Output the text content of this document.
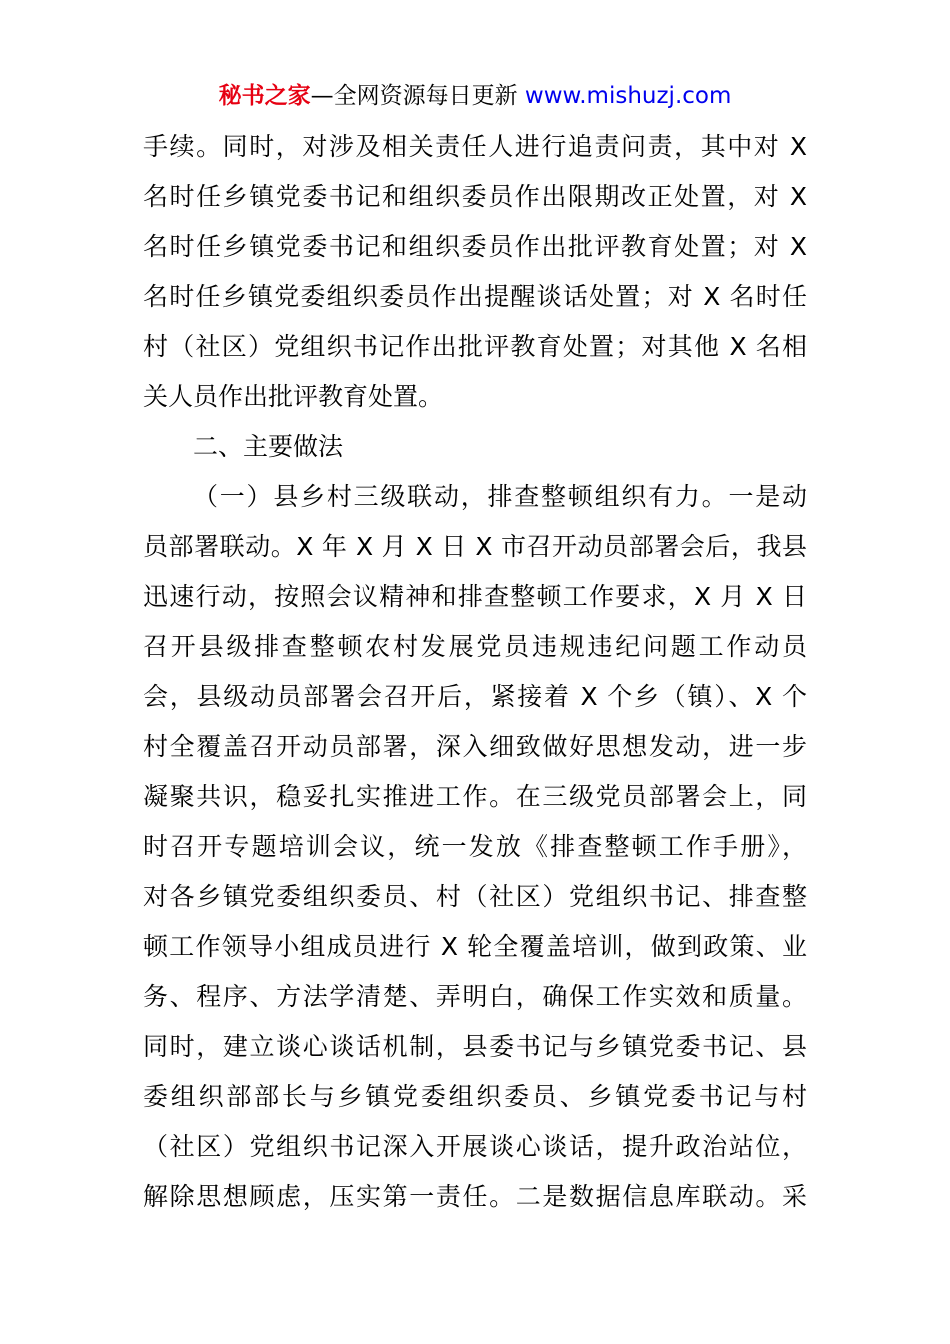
秘书之家—全网资源每日更新 www.mishuzj.com
手续。同时，对涉及相关责任人进行追责问责，其中对 X
名时任乡镇党委书记和组织委员作出限期改正处置，对 X
名时任乡镇党委书记和组织委员作出批评教育处置；对 X
名时任乡镇党委组织委员作出提醒谈话处置；对 X 名时任
村（社区）党组织书记作出批评教育处置；对其他 X 名相
关人员作出批评教育处置。
二、主要做法
（一）县乡村三级联动，排查整顿组织有力。一是动
员部署联动。X 年 X 月 X 日 X 市召开动员部署会后，我县
迅速行动，按照会议精神和排查整顿工作要求，X 月 X 日
召开县级排查整顿农村发展党员违规违纪问题工作动员
会，县级动员部署会召开后，紧接着 X 个乡（镇）、X 个
村全覆盖召开动员部署，深入细致做好思想发动，进一步
凝聚共识，稳妥扎实推进工作。在三级党员部署会上，同
时召开专题培训会议，统一发放《排查整顿工作手册》，
对各乡镇党委组织委员、村（社区）党组织书记、排查整
顿工作领导小组成员进行 X 轮全覆盖培训，做到政策、业
务、程序、方法学清楚、弄明白，确保工作实效和质量。
同时，建立谈心谈话机制，县委书记与乡镇党委书记、县
委组织部部长与乡镇党委组织委员、乡镇党委书记与村
（社区）党组织书记深入开展谈心谈话，提升政治站位，
解除思想顾虑，压实第一责任。二是数据信息库联动。采
